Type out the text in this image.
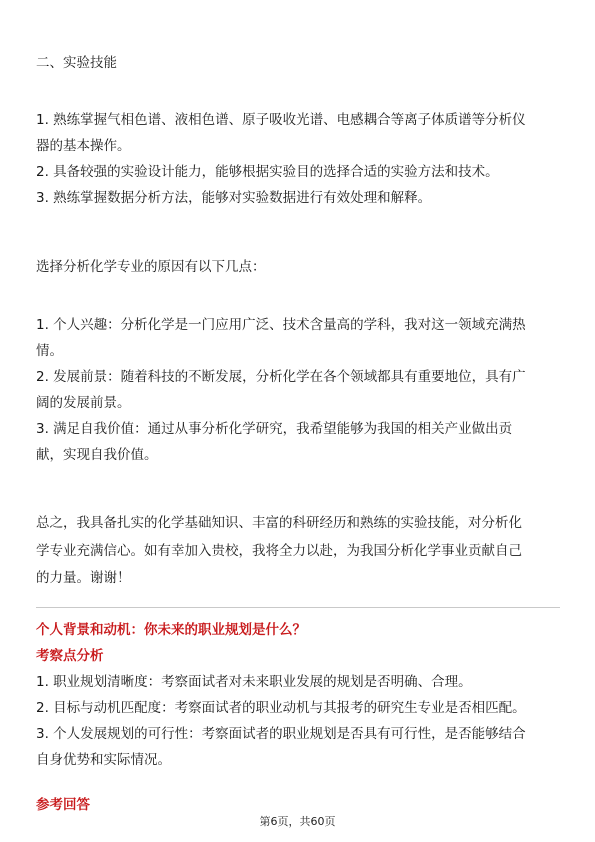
二、实验技能
1. 熟练掌握气相色谱、液相色谱、原子吸收光谱、电感耦合等离子体质谱等分析仪
器的基本操作。
2. 具备较强的实验设计能力，能够根据实验目的选择合适的实验方法和技术。
3. 熟练掌握数据分析方法，能够对实验数据进行有效处理和解释。
选择分析化学专业的原因有以下几点：
1. 个人兴趣：分析化学是一门应用广泛、技术含量高的学科，我对这一领域充满热
情。
2. 发展前景：随着科技的不断发展，分析化学在各个领域都具有重要地位，具有广
阔的发展前景。
3. 满足自我价值：通过从事分析化学研究，我希望能够为我国的相关产业做出贡
献，实现自我价值。
总之，我具备扎实的化学基础知识、丰富的科研经历和熟练的实验技能，对分析化
学专业充满信心。如有幸加入贵校，我将全力以赴，为我国分析化学事业贡献自己
的力量。谢谢！
个人背景和动机：你未来的职业规划是什么？
考察点分析
1. 职业规划清晰度：考察面试者对未来职业发展的规划是否明确、合理。
2. 目标与动机匹配度：考察面试者的职业动机与其报考的研究生专业是否相匹配。
3. 个人发展规划的可行性：考察面试者的职业规划是否具有可行性，是否能够结合
自身优势和实际情况。
参考回答
第6页，共60页
